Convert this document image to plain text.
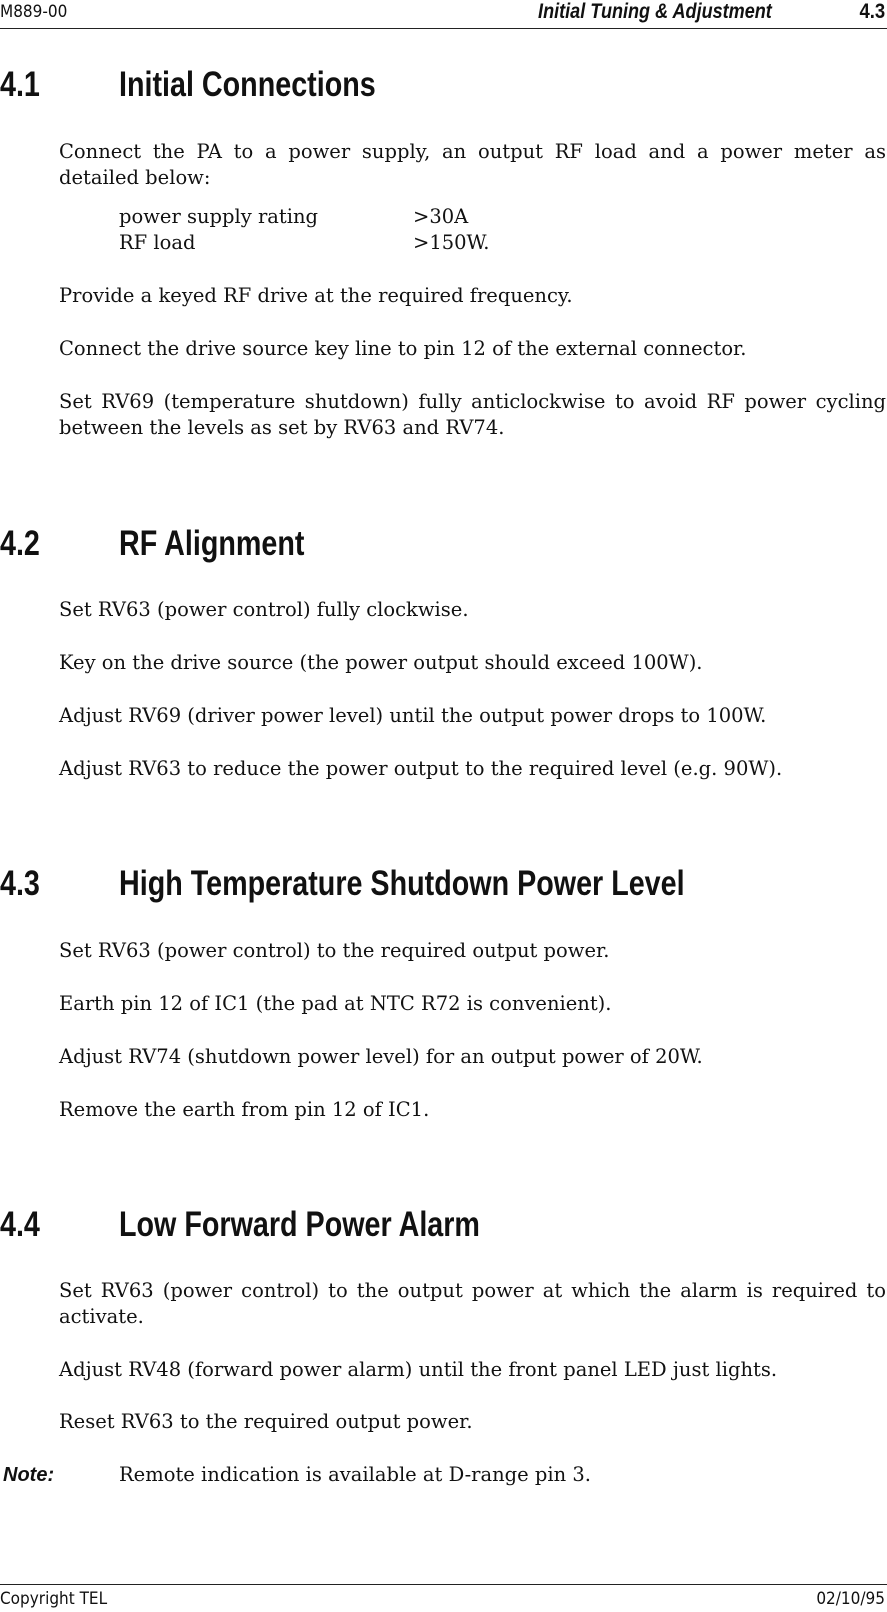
M889-00	Initial Tuning & Adjustment	4.3
4.1 Initial Connections
Connect the PA to a power supply, an output RF load and a power meter as detailed below:
power supply rating	>30A
RF load	>150W.
Provide a keyed RF drive at the required frequency.
Connect the drive source key line to pin 12 of the external connector.
Set RV69 (temperature shutdown) fully anticlockwise to avoid RF power cycling between the levels as set by RV63 and RV74.
4.2 RF Alignment
Set RV63 (power control) fully clockwise.
Key on the drive source (the power output should exceed 100W).
Adjust RV69 (driver power level) until the output power drops to 100W.
Adjust RV63 to reduce the power output to the required level (e.g. 90W).
4.3 High Temperature Shutdown Power Level
Set RV63 (power control) to the required output power.
Earth pin 12 of IC1 (the pad at NTC R72 is convenient).
Adjust RV74 (shutdown power level) for an output power of 20W.
Remove the earth from pin 12 of IC1.
4.4 Low Forward Power Alarm
Set RV63 (power control) to the output power at which the alarm is required to activate.
Adjust RV48 (forward power alarm) until the front panel LED just lights.
Reset RV63 to the required output power.
Note:	Remote indication is available at D-range pin 3.
Copyright TEL	02/10/95
